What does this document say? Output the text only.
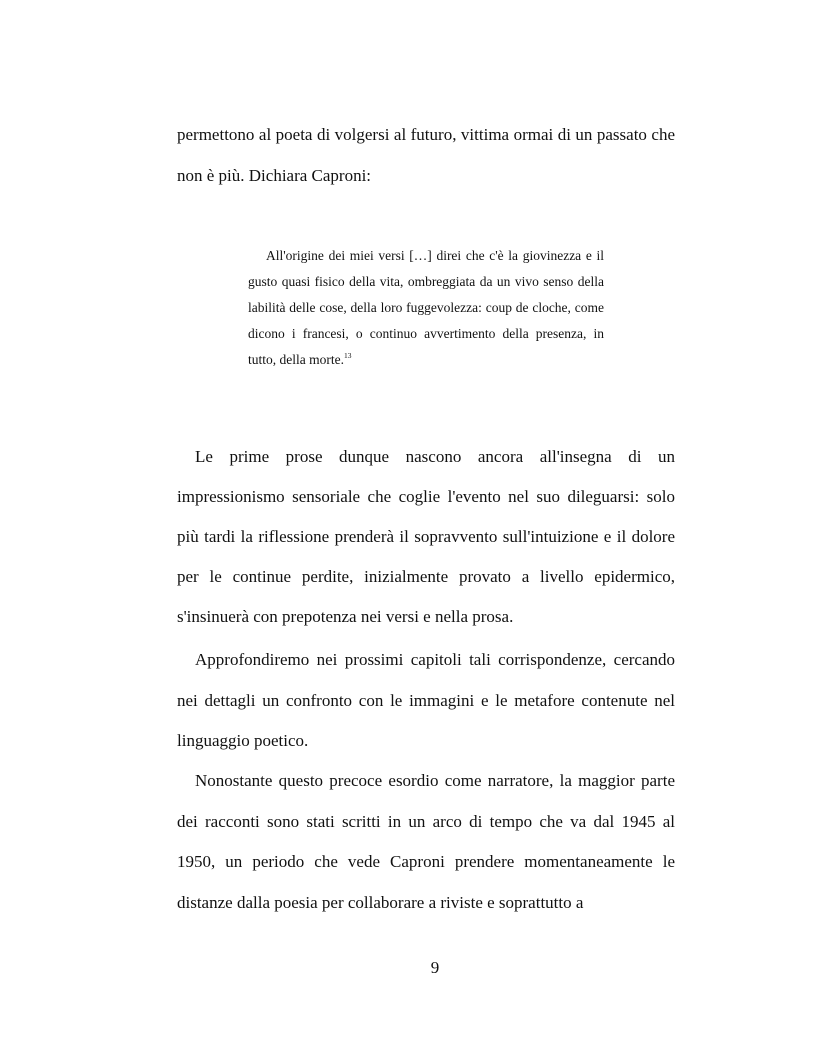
permettono al poeta di volgersi al futuro, vittima ormai di un passato che non è più. Dichiara Caproni:

All'origine dei miei versi […] direi che c'è la giovinezza e il gusto quasi fisico della vita, ombreggiata da un vivo senso della labilità delle cose, della loro fuggevolezza: coup de cloche, come dicono i francesi, o continuo avvertimento della presenza, in tutto, della morte.$^{13}$

Le prime prose dunque nascono ancora all'insegna di un impressionismo sensoriale che coglie l'evento nel suo dileguarsi: solo più tardi la riflessione prenderà il sopravvento sull'intuizione e il dolore per le continue perdite, inizialmente provato a livello epidermico, s'insinuerà con prepotenza nei versi e nella prosa.

Approfondiremo nei prossimi capitoli tali corrispondenze, cercando nei dettagli un confronto con le immagini e le metafore contenute nel linguaggio poetico.

Nonostante questo precoce esordio come narratore, la maggior parte dei racconti sono stati scritti in un arco di tempo che va dal 1945 al 1950, un periodo che vede Caproni prendere momentaneamente le distanze dalla poesia per collaborare a riviste e soprattutto a

9
